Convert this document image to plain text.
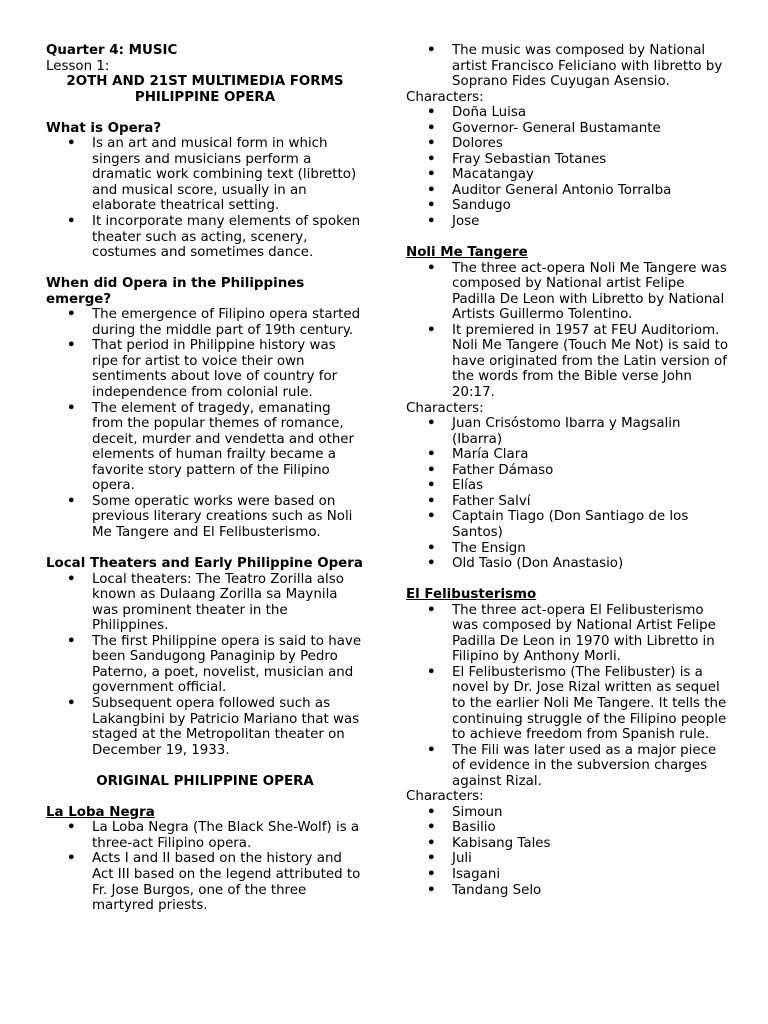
Quarter 4: MUSIC

Lesson 1:

2OTH AND 21ST MULTIMEDIA FORMS

PHILIPPINE OPERA

What is Opera?

• Is an art and musical form in which singers and musicians perform a dramatic work combining text (libretto) and musical score, usually in an elaborate theatrical setting.
• It incorporate many elements of spoken theater such as acting, scenery, costumes and sometimes dance.

When did Opera in the Philippines emerge?

• The emergence of Filipino opera started during the middle part of 19th century.
• That period in Philippine history was ripe for artist to voice their own sentiments about love of country for independence from colonial rule.
• The element of tragedy, emanating from the popular themes of romance, deceit, murder and vendetta and other elements of human frailty became a favorite story pattern of the Filipino opera.
• Some operatic works were based on previous literary creations such as Noli Me Tangere and El Felibusterismo.

Local Theaters and Early Philippine Opera

• Local theaters: The Teatro Zorilla also known as Dulaang Zorilla sa Maynila was prominent theater in the Philippines.
• The first Philippine opera is said to have been Sandugong Panaginip by Pedro Paterno, a poet, novelist, musician and government official.
• Subsequent opera followed such as Lakangbini by Patricio Mariano that was staged at the Metropolitan theater on December 19, 1933.

ORIGINAL PHILIPPINE OPERA

La Loba Negra

• La Loba Negra (The Black She-Wolf) is a three-act Filipino opera.
• Acts I and II based on the history and Act III based on the legend attributed to Fr. Jose Burgos, one of the three martyred priests.
• The music was composed by National artist Francisco Feliciano with libretto by Soprano Fides Cuyugan Asensio.

Characters:

• Doña Luisa
• Governor- General Bustamante
• Dolores
• Fray Sebastian Totanes
• Macatangay
• Auditor General Antonio Torralba
• Sandugo
• Jose

Noli Me Tangere

• The three act-opera Noli Me Tangere was composed by National artist Felipe Padilla De Leon with Libretto by National Artists Guillermo Tolentino.
• It premiered in 1957 at FEU Auditoriom.
Noli Me Tangere (Touch Me Not) is said to have originated from the Latin version of the words from the Bible verse John 20:17.

Characters:

• Juan Crisóstomo Ibarra y Magsalin (Ibarra)
• María Clara
• Father Dámaso
• Elías
• Father Salví
• Captain Tiago (Don Santiago de los Santos)
• The Ensign
• Old Tasio (Don Anastasio)

El Felibusterismo

• The three act-opera El Felibusterismo was composed by National Artist Felipe Padilla De Leon in 1970 with Libretto in Filipino by Anthony Morli.
• El Felibusterismo (The Felibuster) is a novel by Dr. Jose Rizal written as sequel to the earlier Noli Me Tangere. It tells the continuing struggle of the Filipino people to achieve freedom from Spanish rule.
• The Fili was later used as a major piece of evidence in the subversion charges against Rizal.

Characters:

• Simoun
• Basilio
• Kabisang Tales
• Juli
• Isagani
• Tandang Selo
